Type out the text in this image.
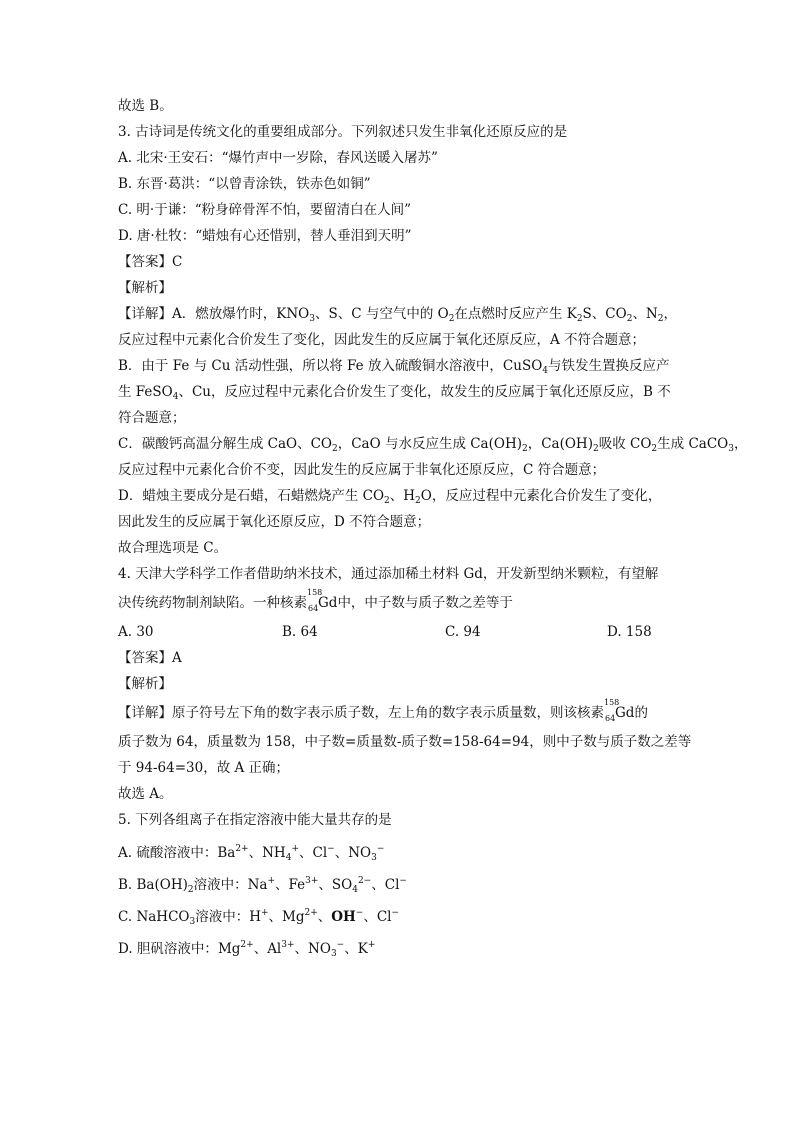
故选 B。
3. 古诗词是传统文化的重要组成部分。下列叙述只发生非氧化还原反应的是
A. 北宋·王安石：“爆竹声中一岁除，春风送暖入屠苏”
B. 东晋·葛洪：“以曾青涂铁，铁赤色如铜”
C. 明·于谦：“粉身碎骨浑不怕，要留清白在人间”
D. 唐·杜牧：“蜡烛有心还惜别，替人垂泪到天明”
【答案】C
【解析】
【详解】A．燃放爆竹时，$KNO_3$、S、C 与空气中的 $O_2$在点燃时反应产生 $K_2S$、$CO_2$、$N_2$，
反应过程中元素化合价发生了变化，因此发生的反应属于氧化还原反应，A 不符合题意；
B．由于 Fe 与 Cu 活动性强，所以将 Fe 放入硫酸铜水溶液中，CuSO$_4$与铁发生置换反应产
生 FeSO$_4$、Cu，反应过程中元素化合价发生了变化，故发生的反应属于氧化还原反应，B 不
符合题意；
C．碳酸钙高温分解生成 CaO、$CO_2$，CaO 与水反应生成 $Ca(OH)_2$，$Ca(OH)_2$吸收 $CO_2$生成 CaCO$_3$，
反应过程中元素化合价不变，因此发生的反应属于非氧化还原反应，C 符合题意；
D．蜡烛主要成分是石蜡，石蜡燃烧产生 $CO_2$、$H_2O$，反应过程中元素化合价发生了变化，
因此发生的反应属于氧化还原反应，D 不符合题意；
故合理选项是 C。
4. 天津大学科学工作者借助纳米技术，通过添加稀土材料 Gd，开发新型纳米颗粒，有望解
决传统药物制剂缺陷。一种核素
158
64 Gd中，中子数与质子数之差等于
A. 30	B. 64	C. 94	D. 158
【答案】A
【解析】
【详解】原子符号左下角的数字表示质子数，左上角的数字表示质量数，则该核素
158
64 Gd的
质子数为 64，质量数为 158，中子数=质量数-质子数=158-64=94，则中子数与质子数之差等
于 94-64=30，故 A 正确；
故选 A。
5. 下列各组离子在指定溶液中能大量共存的是
A. 硫酸溶液中：$Ba^{2+}$、$NH_4^+$、Cl−、$NO_3^-$
B. $Ba(OH)_2$溶液中：Na+、$Fe^{3+}$、$SO_4^{2-}$、Cl−
C. NaHCO$_3$溶液中：H+、$Mg^{2+}$、OH−、Cl−
D. 胆矾溶液中：$Mg^{2+}$、$Al^{3+}$、$NO_3^-$、K+
